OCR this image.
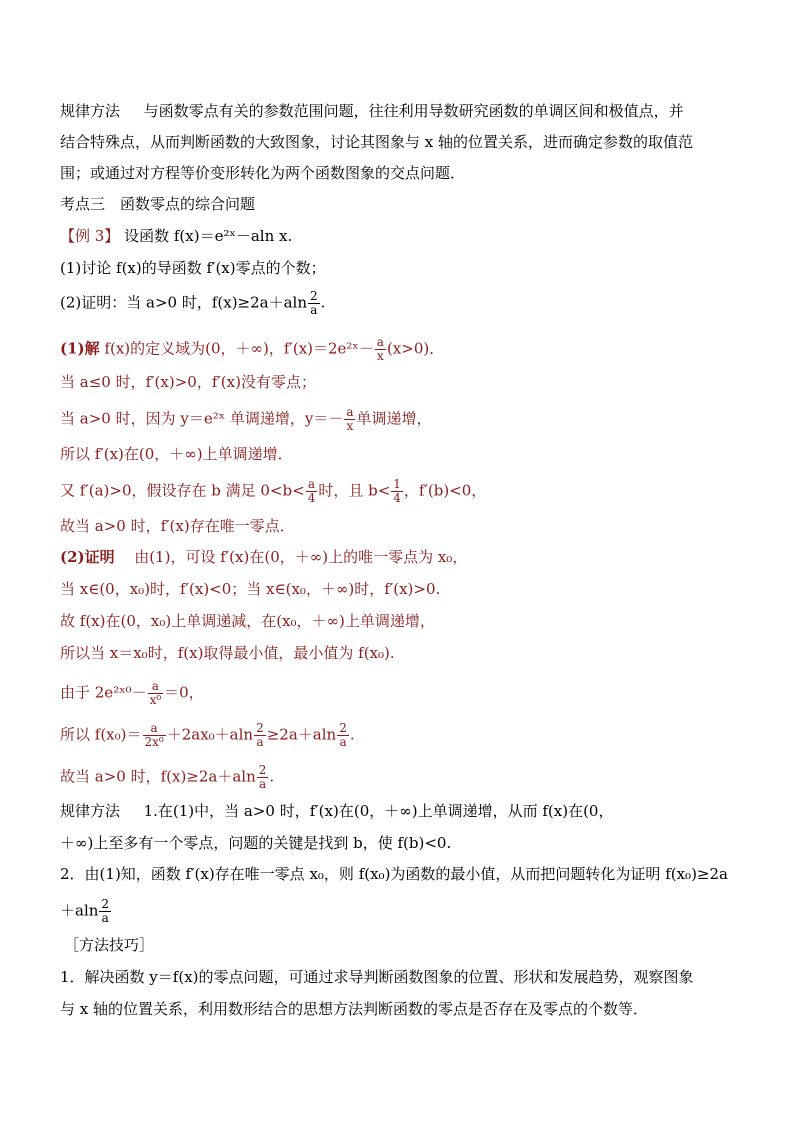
规律方法 与函数零点有关的参数范围问题，往往利用导数研究函数的单调区间和极值点，并
结合特殊点，从而判断函数的大致图象，讨论其图象与 x 轴的位置关系，进而确定参数的取值范
围；或通过对方程等价变形转化为两个函数图象的交点问题．
考点三　函数零点的综合问题
【例 3】 设函数 f(x)＝e²ˣ－aln x.
(1)讨论 f(x)的导函数 f′(x)零点的个数；
(2)证明：当 a>0 时，$f(x)\ge 2a+aln \frac{2}{a}$ .
(1)解 f(x)的定义域为(0，＋∞)，f′(x)＝2e²ˣ－ $\frac{a}{x} (x>0)$．
当 a≤0 时，f′(x)>0，f′(x)没有零点；
当 a>0 时，因为 y＝e²ˣ 单调递增，$y=- \frac{a}{x}$ 单调递增，
所以 f′(x)在(0，＋∞)上单调递增．
又 f′(a)>0，假设存在 b 满足 $0<b< \frac{a}{4}$ 时，且 $b< \frac{1}{4}$ ，f′(b)<0，
故当 a>0 时，f′(x)存在唯一零点．
(2)证明 由(1)，可设 f′(x)在(0，＋∞)上的唯一零点为 x₀，
当 x∈(0，x₀)时，f′(x)<0；当 x∈(x₀，＋∞)时，f′(x)>0.
故 f(x)在(0，x₀)上单调递减，在(x₀，＋∞)上单调递增，
所以当 x＝x₀时，f(x)取得最小值，最小值为 f(x₀).
由于 2e²ˣ⁰－ $\frac{a}{\text{x⁰}} =0$，
所以 $f(x_0)= \frac{a}{\text{2x⁰}} +2ax_0+aln \frac{2}{a} \ge 2a+aln \frac{2}{a}$ .
故当 a>0 时，$f(x)\ge 2a+aln \frac{2}{a}$ .
规律方法 1.在(1)中，当 a>0 时，f′(x)在(0，＋∞)上单调递增，从而 f(x)在(0，
＋∞)上至多有一个零点，问题的关键是找到 b，使 f(b)<0.
2．由(1)知，函数 f′(x)存在唯一零点 x₀，则 f(x₀)为函数的最小值，从而把问题转化为证明 f(x₀)≥2a
$+aln \frac{2}{a}$
［方法技巧］
1．解决函数 y＝f(x)的零点问题，可通过求导判断函数图象的位置、形状和发展趋势，观察图象
与 x 轴的位置关系，利用数形结合的思想方法判断函数的零点是否存在及零点的个数等．
